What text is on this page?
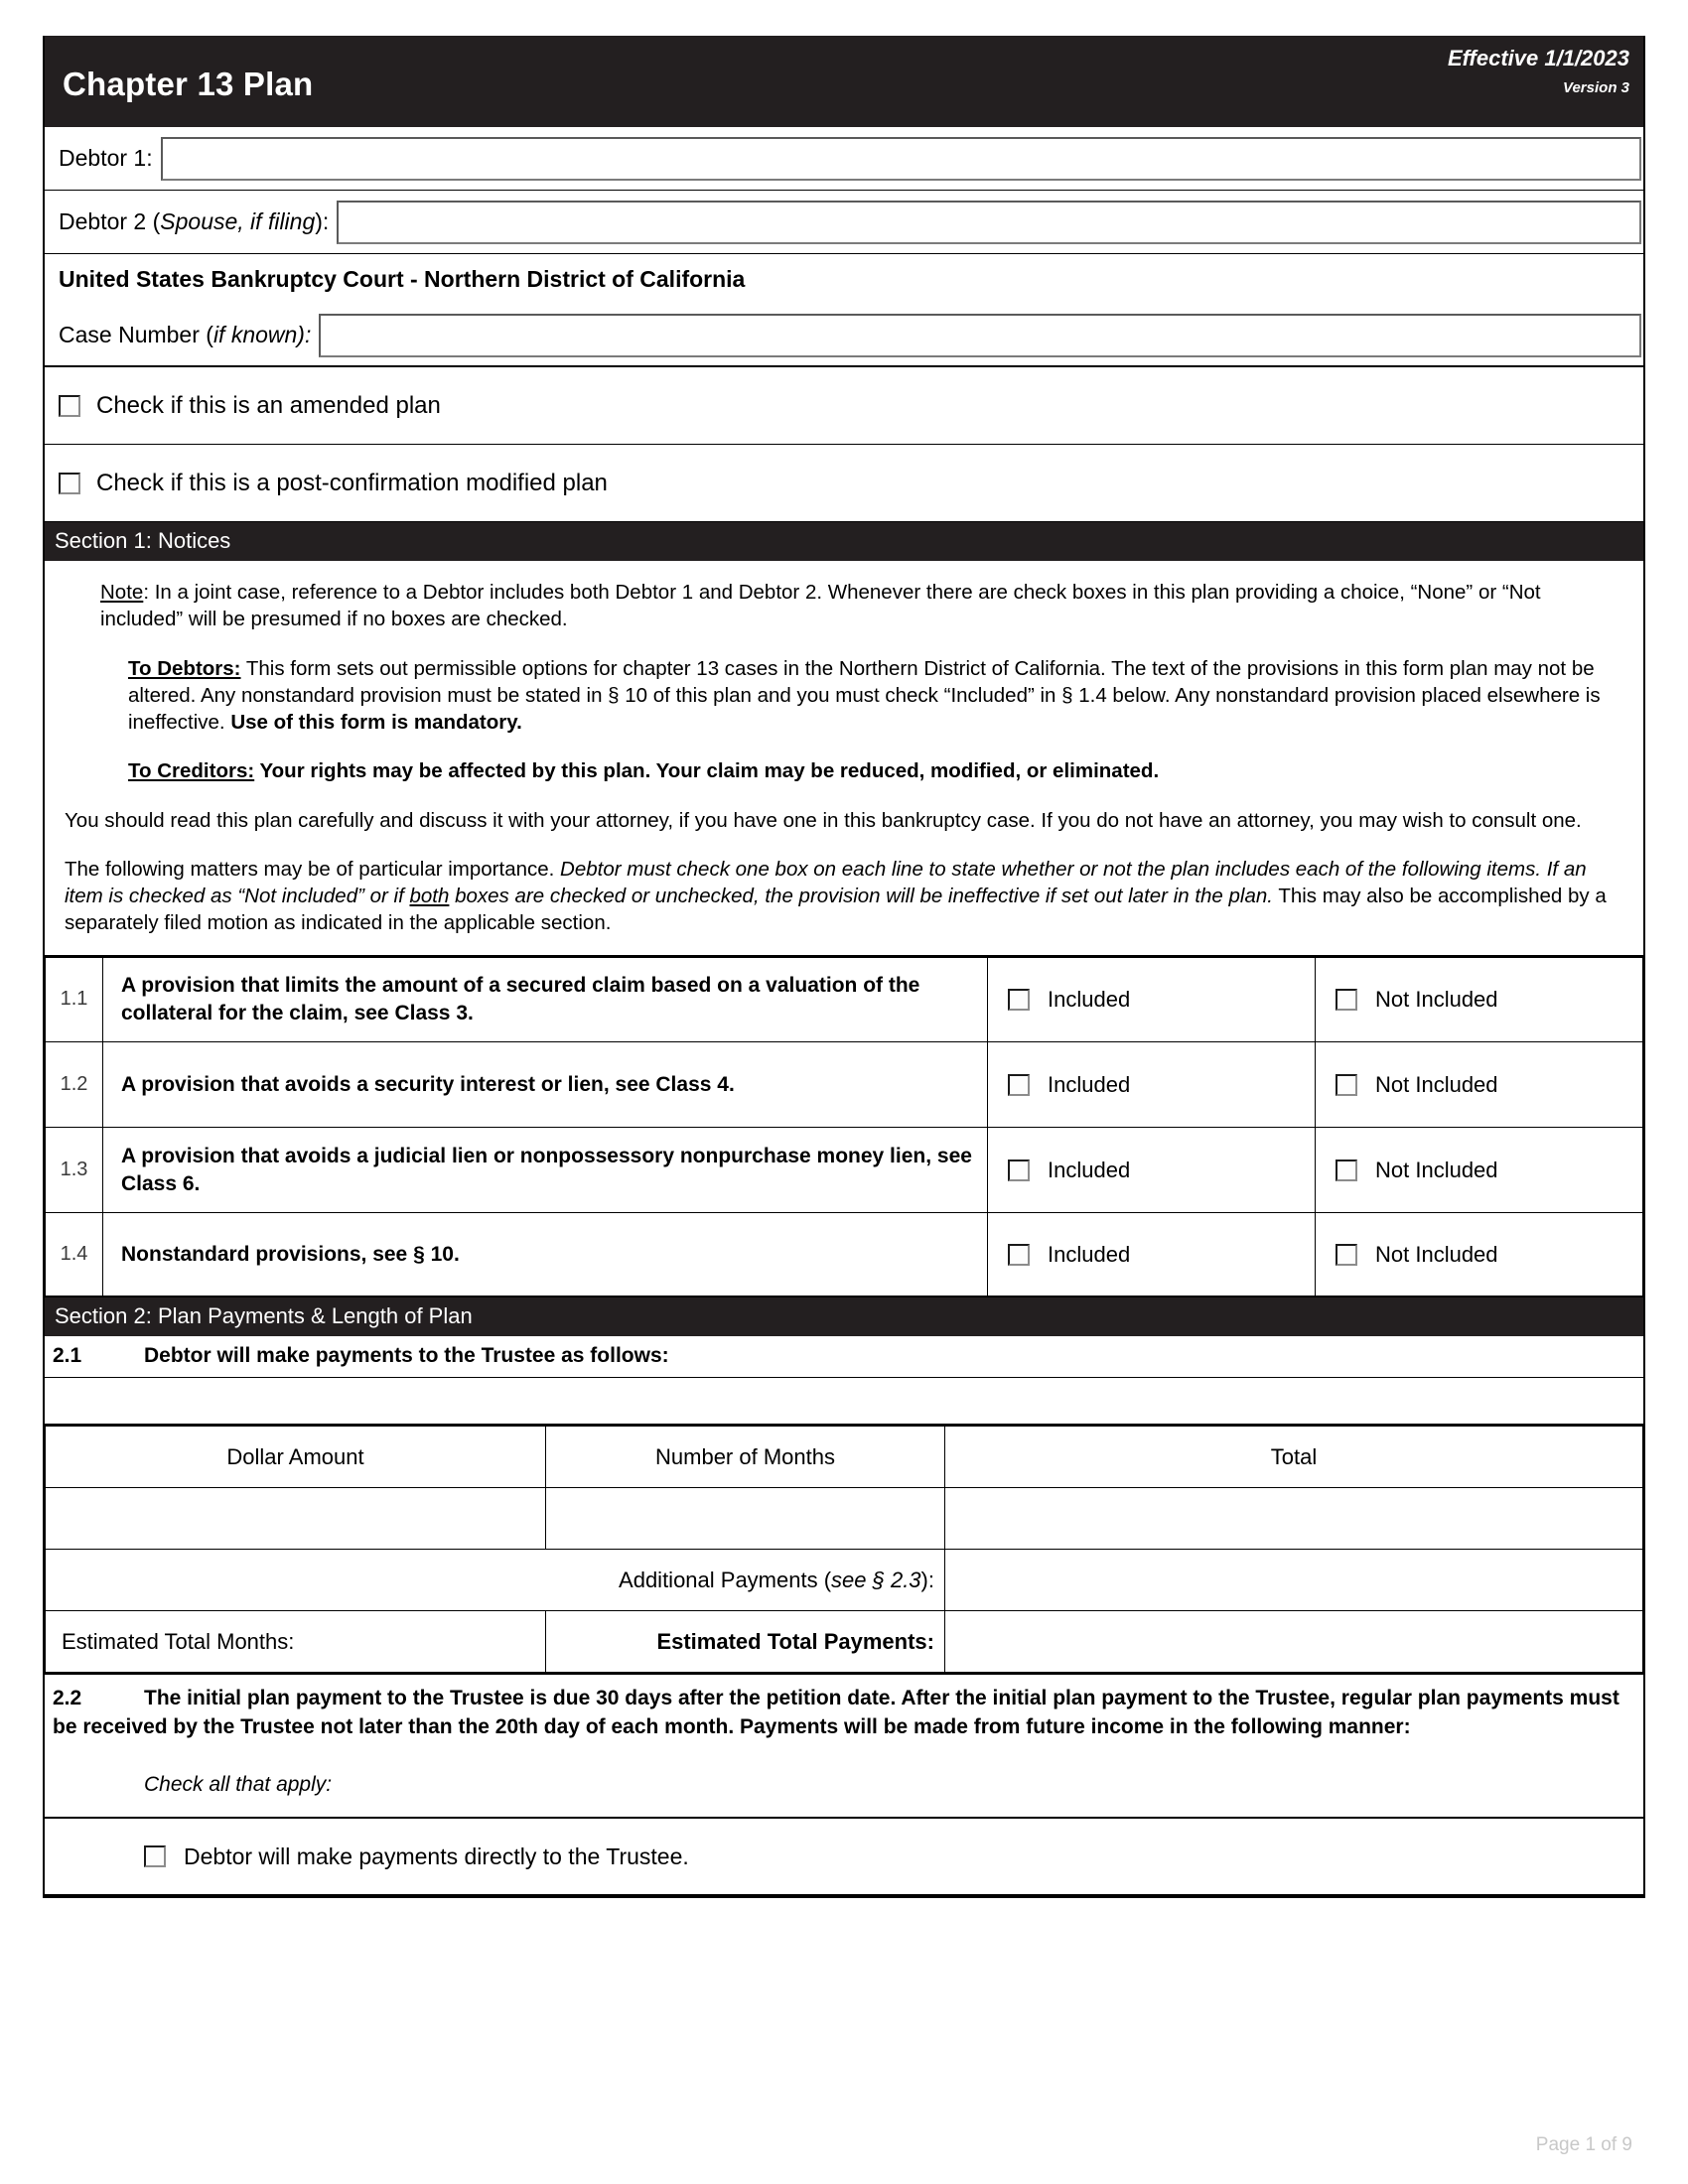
Chapter 13 Plan
Effective 1/1/2023
Version 3
Debtor 1:
Debtor 2 (Spouse, if filing):
United States Bankruptcy Court - Northern District of California
Case Number (if known):
Check if this is an amended plan
Check if this is a post-confirmation modified plan
Section 1: Notices

Note: In a joint case, reference to a Debtor includes both Debtor 1 and Debtor 2. Whenever there are check boxes in this plan providing a choice, “None” or “Not included” will be presumed if no boxes are checked.

To Debtors: This form sets out permissible options for chapter 13 cases in the Northern District of California. The text of the provisions in this form plan may not be altered. Any nonstandard provision must be stated in § 10 of this plan and you must check “Included” in § 1.4 below. Any nonstandard provision placed elsewhere is ineffective. Use of this form is mandatory.

To Creditors: Your rights may be affected by this plan. Your claim may be reduced, modified, or eliminated.

You should read this plan carefully and discuss it with your attorney, if you have one in this bankruptcy case. If you do not have an attorney, you may wish to consult one.

The following matters may be of particular importance. Debtor must check one box on each line to state whether or not the plan includes each of the following items. If an item is checked as “Not included” or if both boxes are checked or unchecked, the provision will be ineffective if set out later in the plan. This may also be accomplished by a separately filed motion as indicated in the applicable section.

1.1	A provision that limits the amount of a secured claim based on a valuation of the collateral for the claim, see Class 3.	Included	Not Included

1.2	A provision that avoids a security interest or lien, see Class 4.	Included	Not Included

1.3	A provision that avoids a judicial lien or nonpossessory nonpurchase money lien, see Class 6.	Included	Not Included

1.4	Nonstandard provisions, see § 10.	Included	Not Included
Section 2: Plan Payments & Length of Plan
2.1	Debtor will make payments to the Trustee as follows:
Dollar Amount	Number of Months	Total

	Additional Payments (see § 2.3):	
Estimated Total Months:	Estimated Total Payments:	
2.2	The initial plan payment to the Trustee is due 30 days after the petition date. After the initial plan payment to the Trustee, regular plan payments must be received by the Trustee not later than the 20th day of each month. Payments will be made from future income in the following manner:
Check all that apply:
Debtor will make payments directly to the Trustee.
Page 1 of 9
